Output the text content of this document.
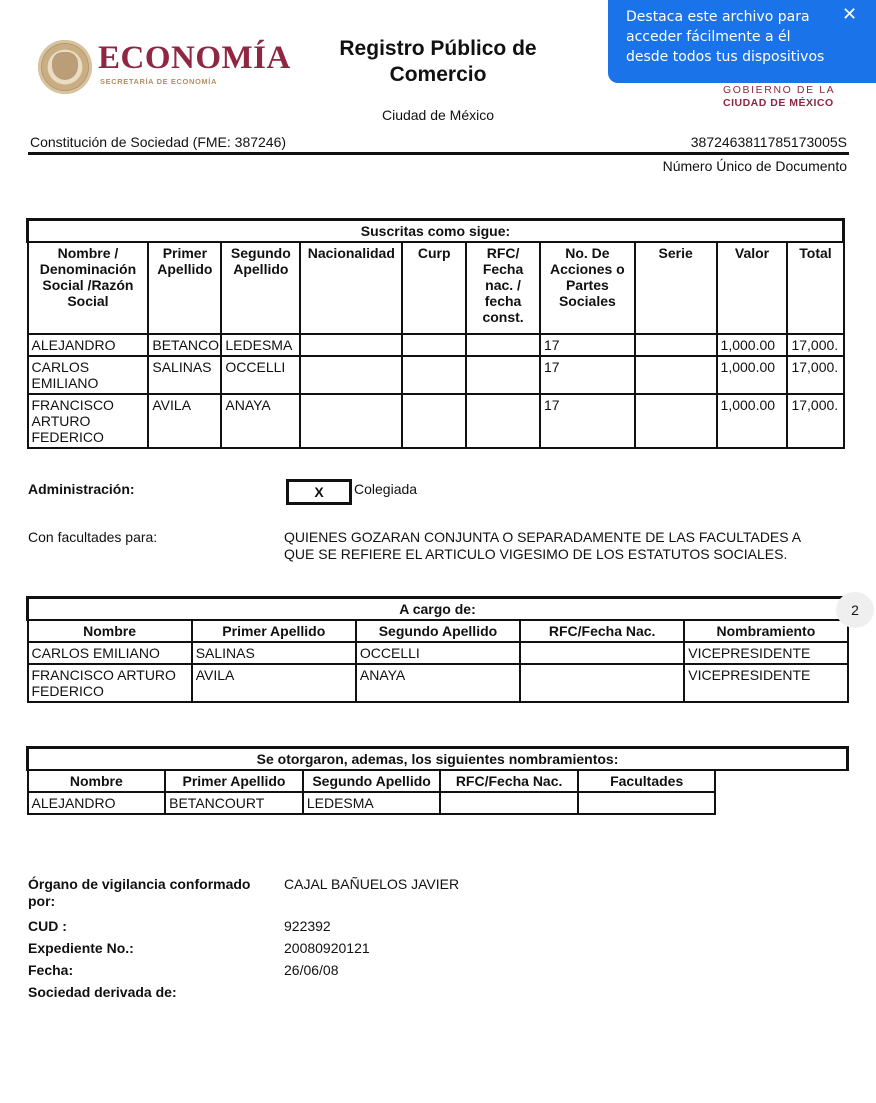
ECONOMÍA
SECRETARÍA DE ECONOMÍA
Registro Público de
Comercio
Ciudad de México
GOBIERNO DE LA
CIUDAD DE MÉXICO
Destaca este archivo para acceder fácilmente a él desde todos tus dispositivos
✕
Constitución de Sociedad (FME: 387246)	3872463811785173005S
Número Único de Documento
Suscritas como sigue:									
Nombre / Denominación Social /Razón Social	Primer Apellido	Segundo Apellido	Nacionalidad	Curp	RFC/ Fecha nac. / fecha const.	No. De Acciones o Partes Sociales	Serie	Valor	Total
ALEJANDRO	BETANCO	LEDESMA				17		1,000.00	17,000.
CARLOS EMILIANO	SALINAS	OCCELLI				17		1,000.00	17,000.
FRANCISCO ARTURO FEDERICO	AVILA	ANAYA				17		1,000.00	17,000.
Administración:	X	Colegiada
Con facultades para:	QUIENES GOZARAN CONJUNTA O SEPARADAMENTE DE LAS FACULTADES A QUE SE REFIERE EL ARTICULO VIGESIMO DE LOS ESTATUTOS SOCIALES.
A cargo de:				
Nombre	Primer Apellido	Segundo Apellido	RFC/Fecha Nac.	Nombramiento
CARLOS EMILIANO	SALINAS	OCCELLI		VICEPRESIDENTE
FRANCISCO ARTURO FEDERICO	AVILA	ANAYA		VICEPRESIDENTE
2
Se otorgaron, ademas, los siguientes nombramientos:					
Nombre	Primer Apellido	Segundo Apellido	RFC/Fecha Nac.	Facultades	
ALEJANDRO	BETANCOURT	LEDESMA			
Órgano de vigilancia conformado por:
CAJAL BAÑUELOS JAVIER
CUD :	922392
Expediente No.:	20080920121
Fecha:	26/06/08
Sociedad derivada de:
